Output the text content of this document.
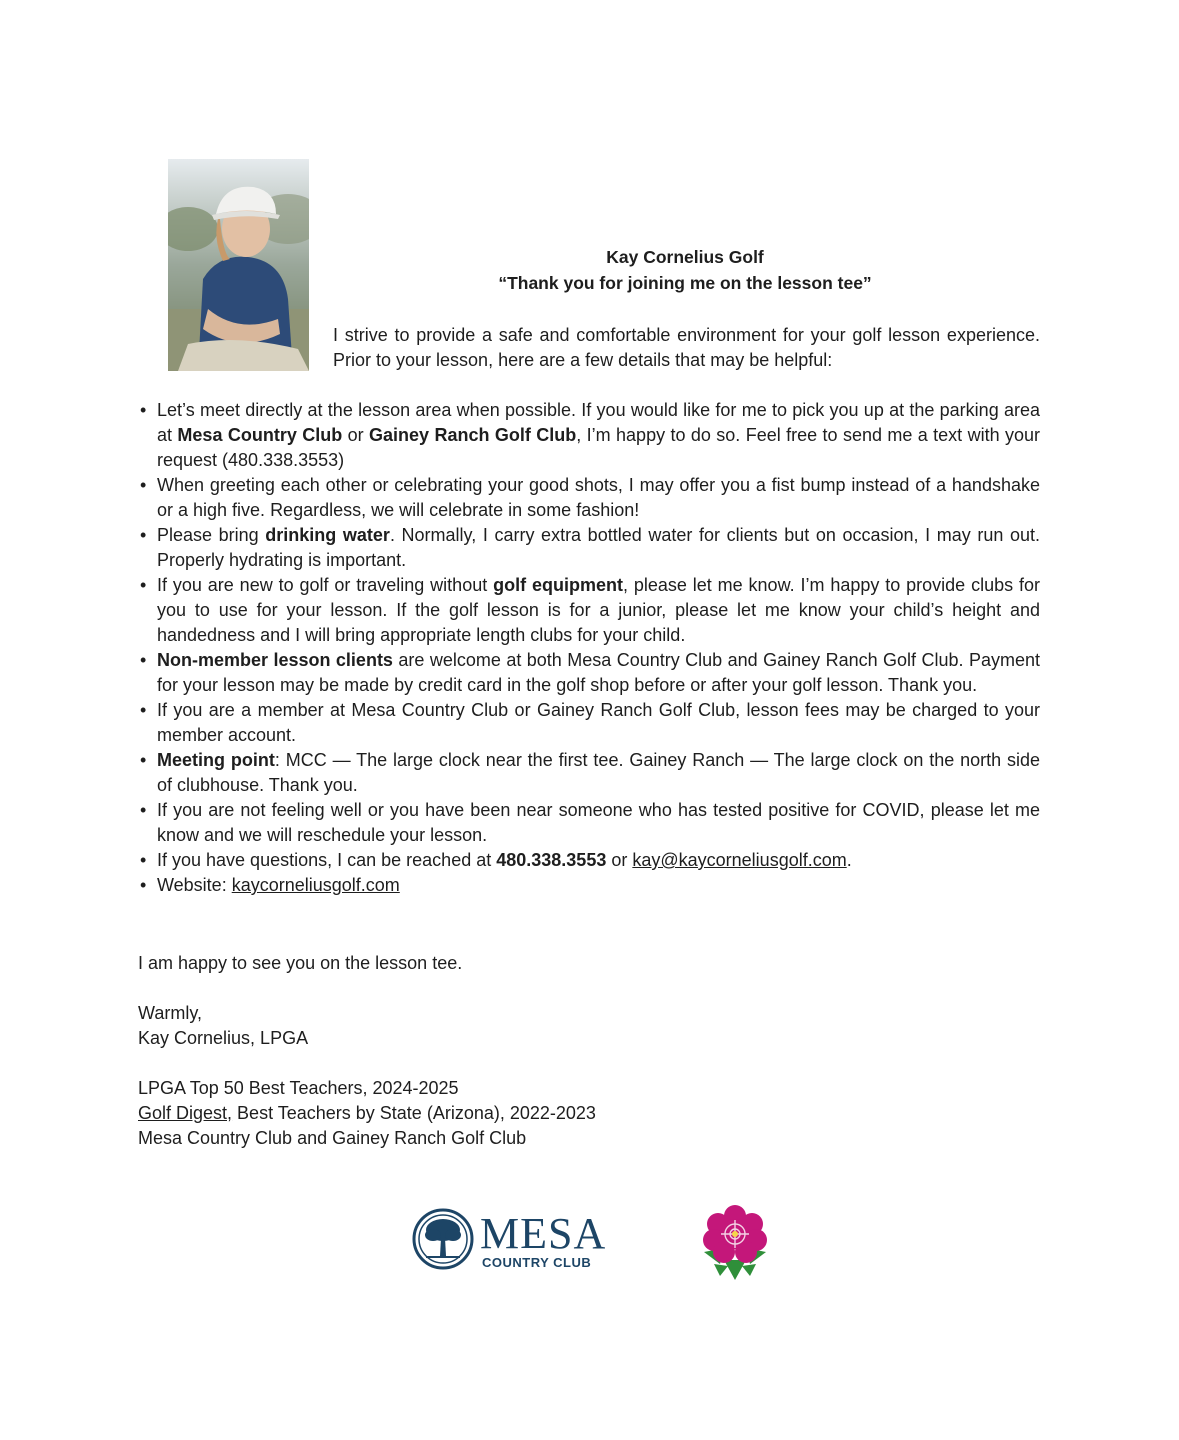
Kay Cornelius Golf
“Thank you for joining me on the lesson tee”
I strive to provide a safe and comfortable environment for your golf lesson experience. Prior to your lesson, here are a few details that may be helpful:
• Let’s meet directly at the lesson area when possible. If you would like for me to pick you up at the parking area at Mesa Country Club or Gainey Ranch Golf Club, I’m happy to do so. Feel free to send me a text with your request (480.338.3553)
• When greeting each other or celebrating your good shots, I may offer you a fist bump instead of a handshake or a high five. Regardless, we will celebrate in some fashion!
• Please bring drinking water. Normally, I carry extra bottled water for clients but on occasion, I may run out. Properly hydrating is important.
• If you are new to golf or traveling without golf equipment, please let me know. I’m happy to provide clubs for you to use for your lesson. If the golf lesson is for a junior, please let me know your child’s height and handedness and I will bring appropriate length clubs for your child.
• Non-member lesson clients are welcome at both Mesa Country Club and Gainey Ranch Golf Club. Payment for your lesson may be made by credit card in the golf shop before or after your golf lesson. Thank you.
• If you are a member at Mesa Country Club or Gainey Ranch Golf Club, lesson fees may be charged to your member account.
• Meeting point: MCC — The large clock near the first tee. Gainey Ranch — The large clock on the north side of clubhouse. Thank you.
• If you are not feeling well or you have been near someone who has tested positive for COVID, please let me know and we will reschedule your lesson.
• If you have questions, I can be reached at 480.338.3553 or kay@kaycorneliusgolf.com.
• Website: kaycorneliusgolf.com
I am happy to see you on the lesson tee.
Warmly,
Kay Cornelius, LPGA
LPGA Top 50 Best Teachers, 2024-2025
Golf Digest, Best Teachers by State (Arizona), 2022-2023
Mesa Country Club and Gainey Ranch Golf Club
MESA
COUNTRY CLUB
